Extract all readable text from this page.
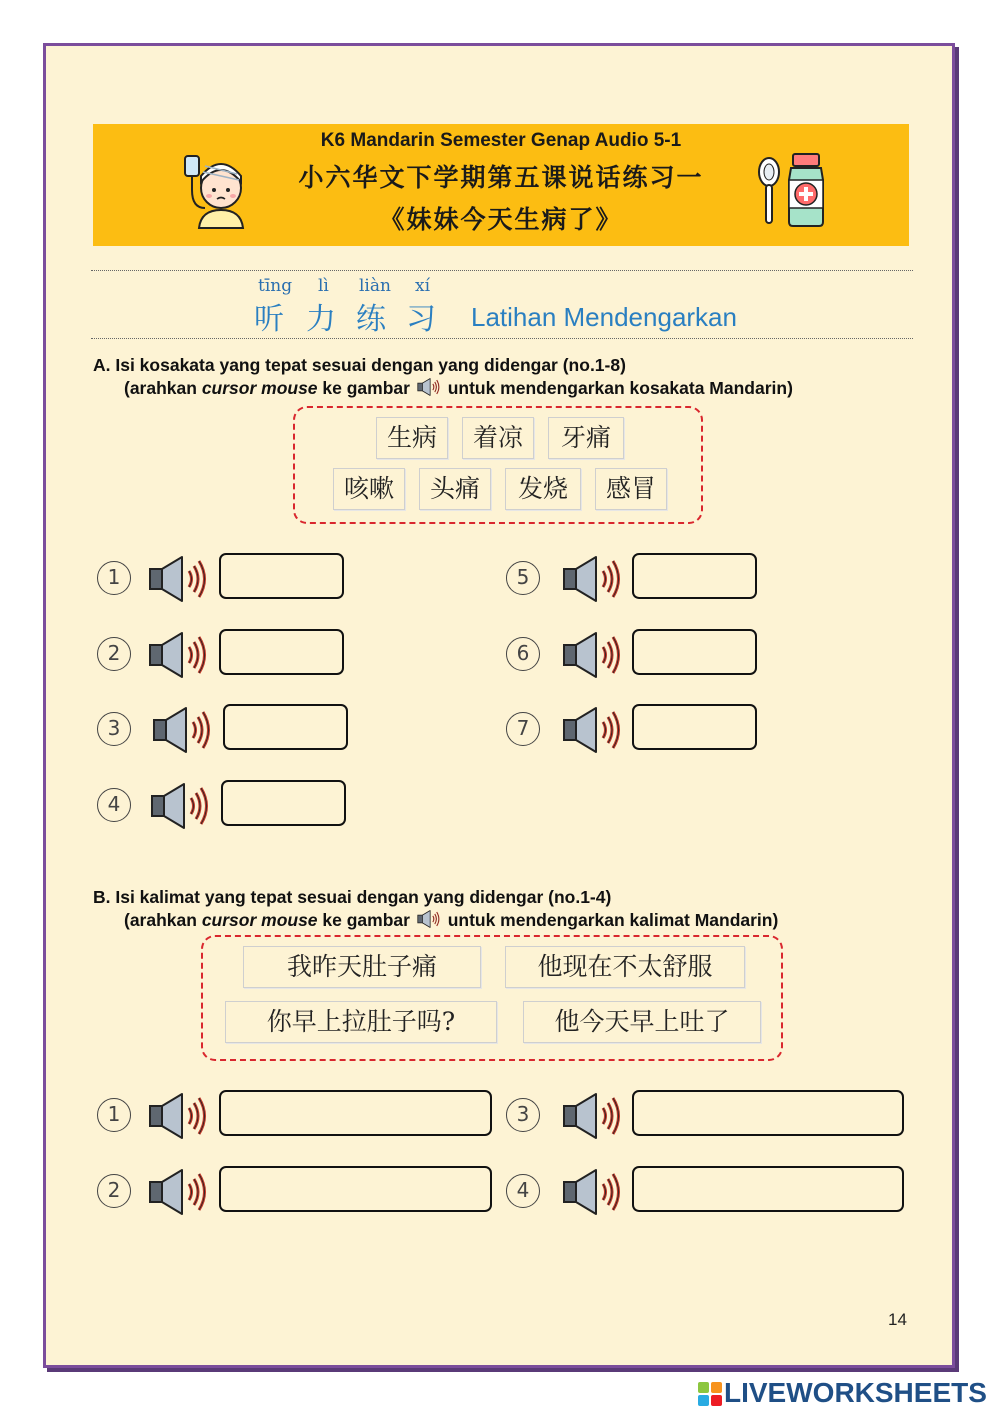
K6 Mandarin Semester Genap Audio 5-1
小六华文下学期第五课说话练习一
《妹妹今天生病了》
tīng lì liàn xí
听 力 练 习 Latihan Mendengarkan
A. Isi kosakata yang tepat sesuai dengan yang didengar (no.1-8)
(arahkan cursor mouse ke gambar  untuk mendengarkan kosakata Mandarin)
生病	着凉	牙痛
咳嗽	头痛	发烧	感冒
1
2
3
4
5
6
7
B. Isi kalimat yang tepat sesuai dengan yang didengar (no.1-4)
(arahkan cursor mouse ke gambar  untuk mendengarkan kalimat Mandarin)
我昨天肚子痛	他现在不太舒服
你早上拉肚子吗?	他今天早上吐了
1
2
3
4
14
LIVEWORKSHEETS
